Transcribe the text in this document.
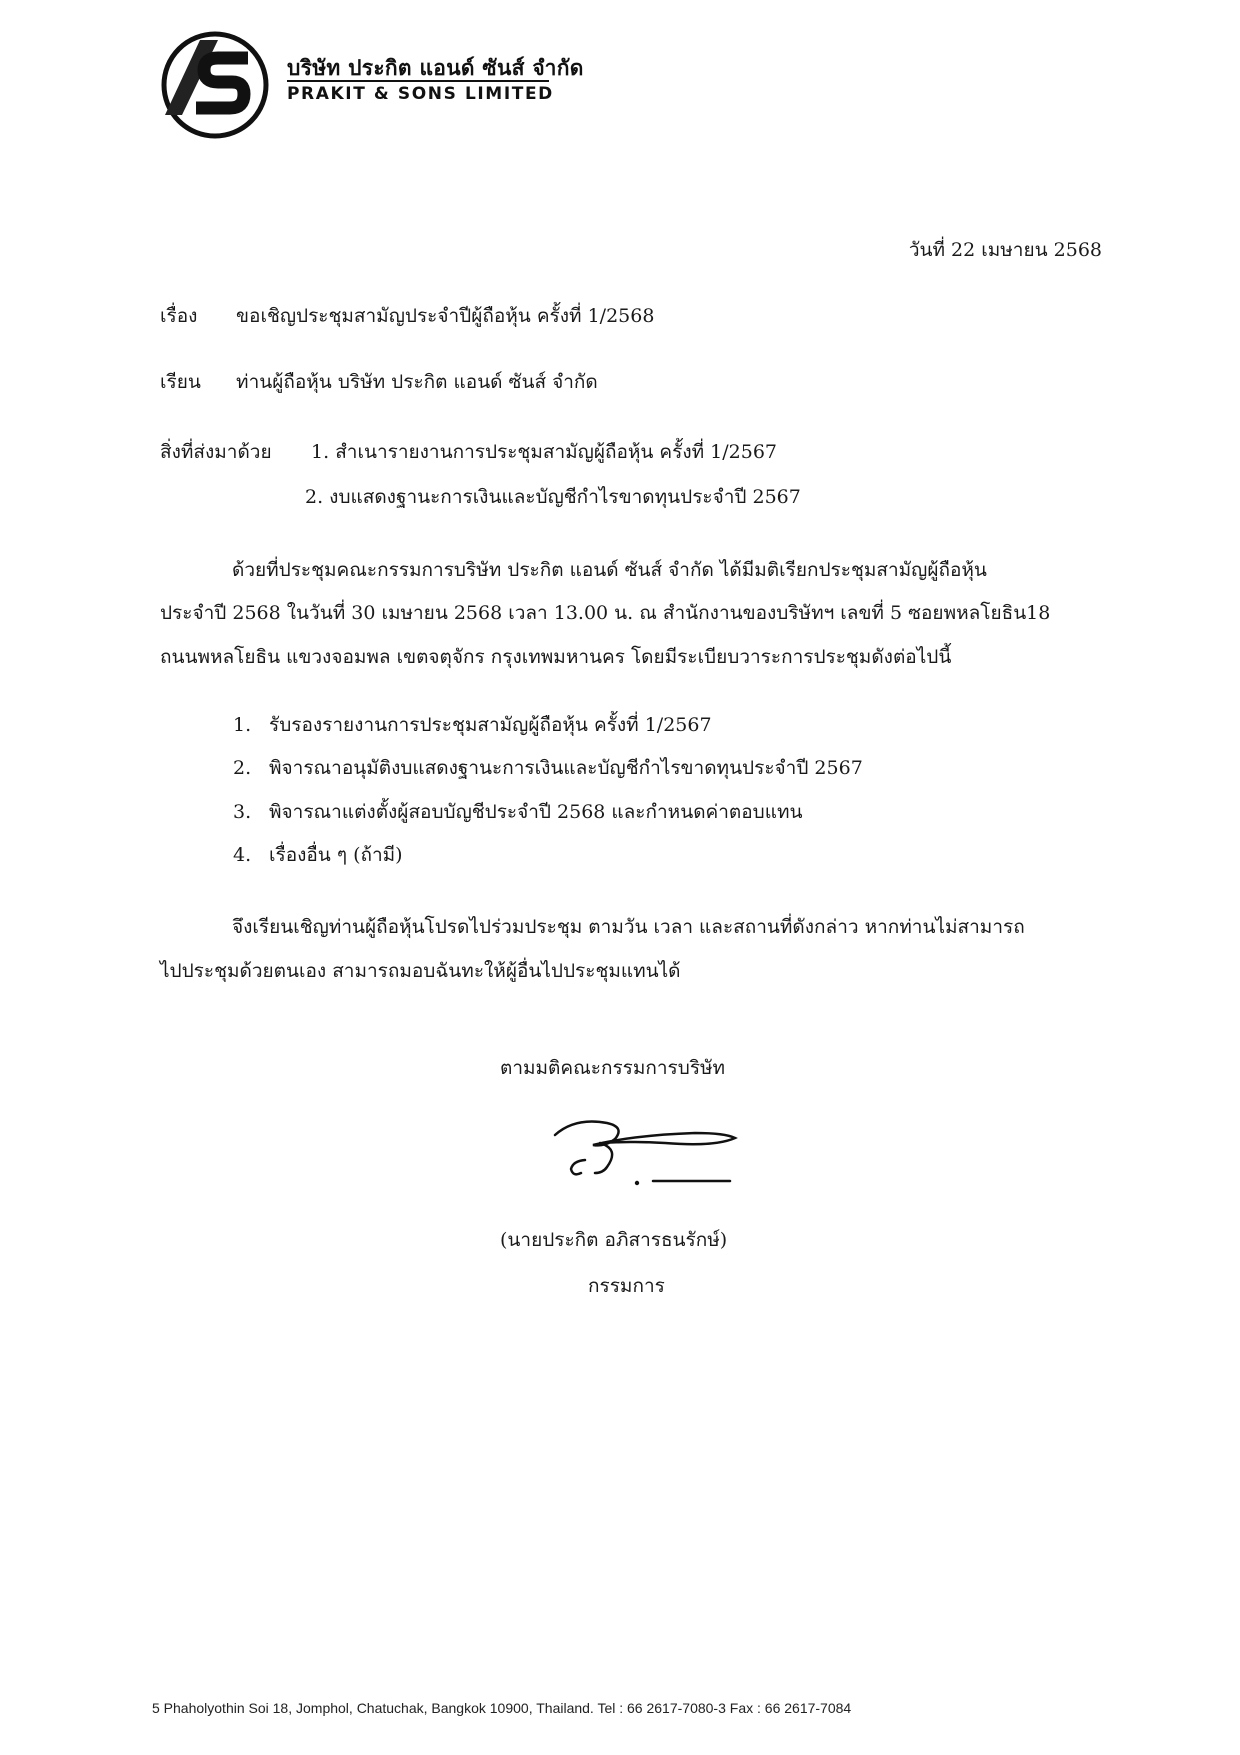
บริษัท ประกิต แอนด์ ซันส์ จำกัด
PRAKIT & SONS LIMITED
วันที่ 22 เมษายน 2568
เรื่อง ขอเชิญประชุมสามัญประจำปีผู้ถือหุ้น ครั้งที่ 1/2568
เรียน ท่านผู้ถือหุ้น บริษัท ประกิต แอนด์ ซันส์ จำกัด
สิ่งที่ส่งมาด้วย 1. สำเนารายงานการประชุมสามัญผู้ถือหุ้น ครั้งที่ 1/2567
2. งบแสดงฐานะการเงินและบัญชีกำไรขาดทุนประจำปี 2567
ด้วยที่ประชุมคณะกรรมการบริษัท ประกิต แอนด์ ซันส์ จำกัด ได้มีมติเรียกประชุมสามัญผู้ถือหุ้น
ประจำปี 2568 ในวันที่ 30 เมษายน 2568 เวลา 13.00 น. ณ สำนักงานของบริษัทฯ เลขที่ 5 ซอยพหลโยธิน18
ถนนพหลโยธิน แขวงจอมพล เขตจตุจักร กรุงเทพมหานคร โดยมีระเบียบวาระการประชุมดังต่อไปนี้
1. รับรองรายงานการประชุมสามัญผู้ถือหุ้น ครั้งที่ 1/2567
2. พิจารณาอนุมัติงบแสดงฐานะการเงินและบัญชีกำไรขาดทุนประจำปี 2567
3. พิจารณาแต่งตั้งผู้สอบบัญชีประจำปี 2568 และกำหนดค่าตอบแทน
4. เรื่องอื่น ๆ (ถ้ามี)
จึงเรียนเชิญท่านผู้ถือหุ้นโปรดไปร่วมประชุม ตามวัน เวลา และสถานที่ดังกล่าว หากท่านไม่สามารถ
ไปประชุมด้วยตนเอง สามารถมอบฉันทะให้ผู้อื่นไปประชุมแทนได้
ตามมติคณะกรรมการบริษัท
(นายประกิต อภิสารธนรักษ์)
กรรมการ
5 Phaholyothin Soi 18, Jomphol, Chatuchak, Bangkok 10900, Thailand. Tel : 66 2617-7080-3 Fax : 66 2617-7084
